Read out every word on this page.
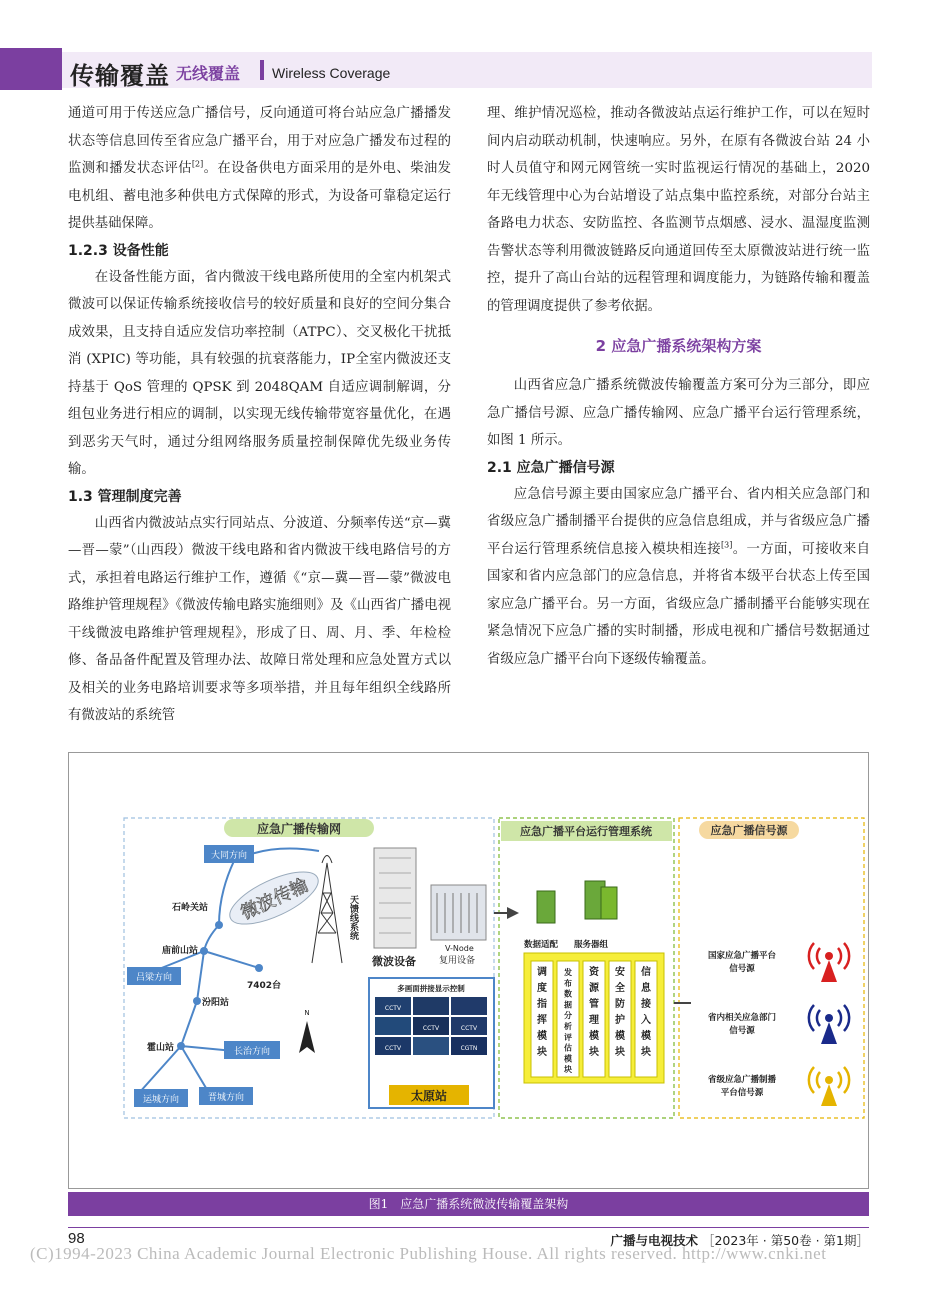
传输覆盖 无线覆盖 Wireless Coverage

通道可用于传送应急广播信号，反向通道可将台站应急广播播发状态等信息回传至省应急广播平台，用于对应急广播发布过程的监测和播发状态评估[2]。在设备供电方面采用的是外电、柴油发电机组、蓄电池多种供电方式保障的形式，为设备可靠稳定运行提供基础保障。

1.2.3 设备性能

在设备性能方面，省内微波干线电路所使用的全室内机架式微波可以保证传输系统接收信号的较好质量和良好的空间分集合成效果，且支持自适应发信功率控制（ATPC）、交叉极化干扰抵消 (XPIC) 等功能，具有较强的抗衰落能力，IP全室内微波还支持基于 QoS 管理的 QPSK 到 2048QAM 自适应调制解调，分组包业务进行相应的调制，以实现无线传输带宽容量优化，在遇到恶劣天气时，通过分组网络服务质量控制保障优先级业务传输。

1.3 管理制度完善

山西省内微波站点实行同站点、分波道、分频率传送“京—冀—晋—蒙”（山西段）微波干线电路和省内微波干线电路信号的方式，承担着电路运行维护工作，遵循《“京—冀—晋—蒙”微波电路维护管理规程》《微波传输电路实施细则》及《山西省广播电视干线微波电路维护管理规程》，形成了日、周、月、季、年检检修、备品备件配置及管理办法、故障日常处理和应急处置方式以及相关的业务电路培训要求等多项举措，并且每年组织全线路所有微波站的系统管

理、维护情况巡检，推动各微波站点运行维护工作，可以在短时间内启动联动机制，快速响应。另外，在原有各微波台站 24 小时人员值守和网元网管统一实时监视运行情况的基础上，2020 年无线管理中心为台站增设了站点集中监控系统，对部分台站主备路电力状态、安防监控、各监测节点烟感、浸水、温湿度监测告警状态等利用微波链路反向通道回传至太原微波站进行统一监控，提升了高山台站的远程管理和调度能力，为链路传输和覆盖的管理调度提供了参考依据。

2 应急广播系统架构方案

山西省应急广播系统微波传输覆盖方案可分为三部分，即应急广播信号源、应急广播传输网、应急广播平台运行管理系统，如图 1 所示。

2.1 应急广播信号源

应急信号源主要由国家应急广播平台、省内相关应急部门和省级应急广播制播平台提供的应急信息组成，并与省级应急广播平台运行管理系统信息接入模块相连接[3]。一方面，可接收来自国家和省内应急部门的应急信息，并将省本级平台状态上传至国家应急广播平台。另一方面，省级应急广播制播平台能够实现在紧急情况下应急广播的实时制播，形成电视和广播信号数据通过省级应急广播平台向下逐级传输覆盖。

应急广播传输网
大同方向
吕梁方向
长治方向
运城方向	晋城方向
石岭关站
庙前山站
7402台
汾阳站
霍山站
微波传输	天馈线系统
微波设备
V-Node
复用设备
多画面拼接显示控制
CCTV
CCTV
CCTV
CCTV	CGTN
太原站
N
应急广播平台运行管理系统
数据适配 服务器组
调
度
指
挥
模
块
发
布
数
据
分
析
评
估
模
块
资
源
管
理
模
块
安
全
防
护
模
块
信
息
接
入
模
块
应急广播信号源
国家应急广播平台
信号源
省内相关应急部门
信号源
省级应急广播制播
平台信号源
图1　应急广播系统微波传输覆盖架构
98	广播与电视技术 ［2023年 · 第50卷 · 第1期］
(C)1994-2023 China Academic Journal Electronic Publishing House. All rights reserved. http://www.cnki.net
